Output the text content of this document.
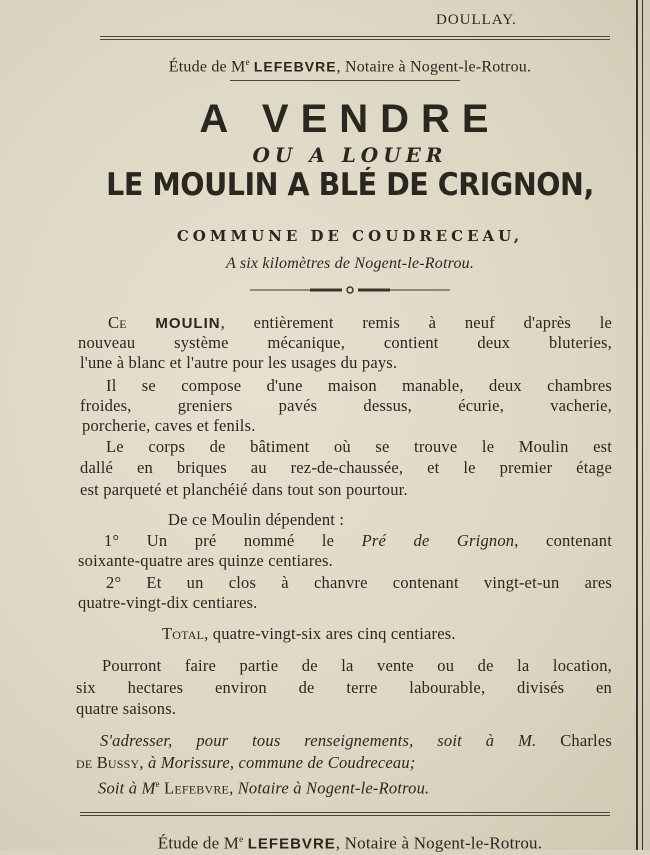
DOULLAY.
Étude de Me LEFEBVRE, Notaire à Nogent-le-Rotrou.
A VENDRE
OU A LOUER
LE MOULIN A BLÉ DE CRIGNON,
COMMUNE DE COUDRECEAU,
A six kilomètres de Nogent-le-Rotrou.
Ce MOULIN, entièrement remis à neuf d'après le
nouveau système mécanique, contient deux bluteries,
l'une à blanc et l'autre pour les usages du pays.
Il se compose d'une maison manable, deux chambres
froides, greniers pavés dessus, écurie, vacherie,
porcherie, caves et fenils.
Le corps de bâtiment où se trouve le Moulin est
dallé en briques au rez-de-chaussée, et le premier étage
est parqueté et planchéié dans tout son pourtour.
De ce Moulin dépendent :
1° Un pré nommé le Pré de Grignon, contenant
soixante-quatre ares quinze centiares.
2° Et un clos à chanvre contenant vingt-et-un ares
quatre-vingt-dix centiares.
Total, quatre-vingt-six ares cinq centiares.
Pourront faire partie de la vente ou de la location,
six hectares environ de terre labourable, divisés en
quatre saisons.
S'adresser, pour tous renseignements, soit à M. Charles
de Bussy, à Morissure, commune de Coudreceau;
Soit à Me Lefebvre, Notaire à Nogent-le-Rotrou.
Étude de Me LEFEBVRE, Notaire à Nogent-le-Rotrou.
